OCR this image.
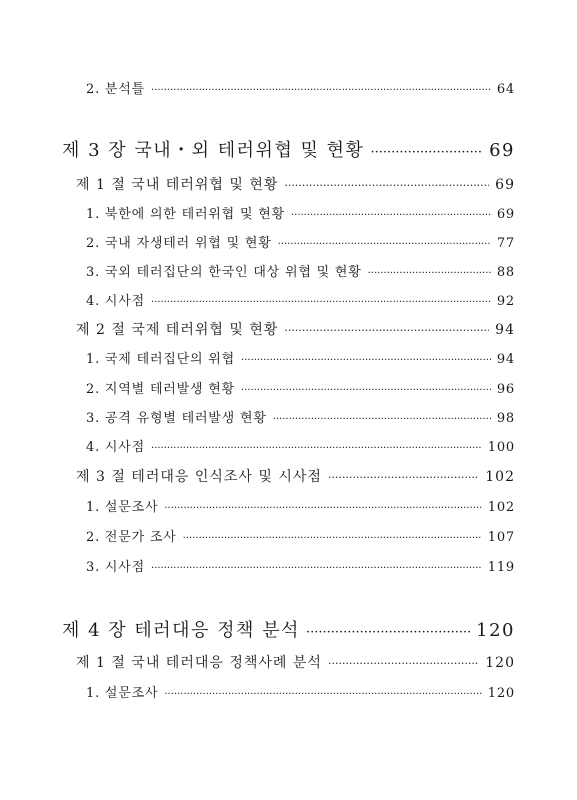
2. 분석틀 ·····	64
제 3 장 국내・외 테러위협 및 현황 ·····	69
제 1 절 국내 테러위협 및 현황 ·····	69
1. 북한에 의한 테러위협 및 현황 ·····	69
2. 국내 자생테러 위협 및 현황 ·····	77
3. 국외 테러집단의 한국인 대상 위협 및 현황 ·····	88
4. 시사점 ·····	92
제 2 절 국제 테러위협 및 현황 ·····	94
1. 국제 테러집단의 위협 ·····	94
2. 지역별 테러발생 현황 ·····	96
3. 공격 유형별 테러발생 현황 ·····	98
4. 시사점 ·····	100
제 3 절 테러대응 인식조사 및 시사점 ·····	102
1. 설문조사 ·····	102
2. 전문가 조사 ·····	107
3. 시사점 ·····	119
제 4 장 테러대응 정책 분석 ·····	120
제 1 절 국내 테러대응 정책사례 분석 ·····	120
1. 설문조사 ·····	120
